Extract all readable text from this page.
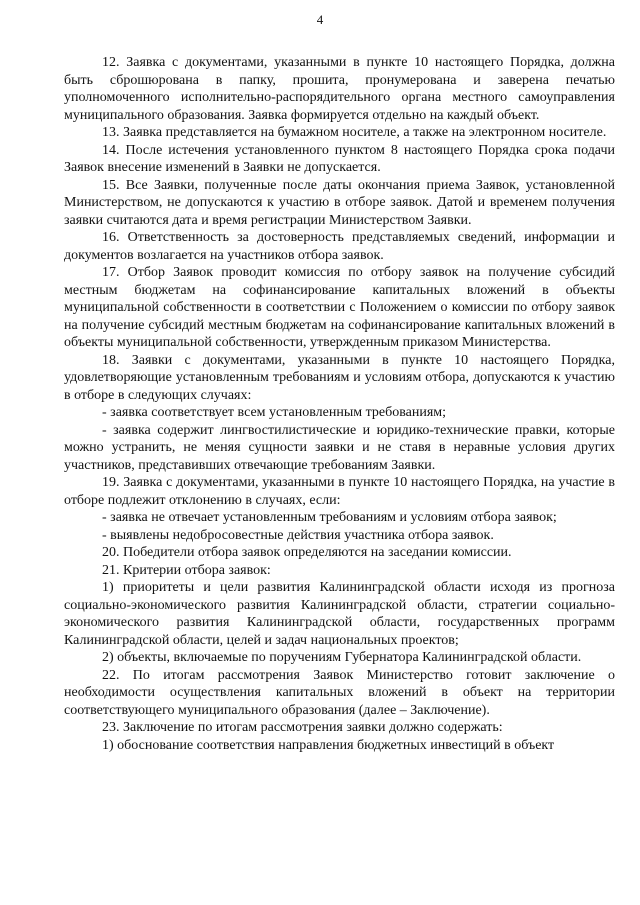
4

12. Заявка с документами, указанными в пункте 10 настоящего Порядка, должна быть сброшюрована в папку, прошита, пронумерована и заверена печатью уполномоченного исполнительно-распорядительного органа местного самоуправления муниципального образования. Заявка формируется отдельно на каждый объект.

13. Заявка представляется на бумажном носителе, а также на электронном носителе.

14. После истечения установленного пунктом 8 настоящего Порядка срока подачи Заявок внесение изменений в Заявки не допускается.

15. Все Заявки, полученные после даты окончания приема Заявок, установленной Министерством, не допускаются к участию в отборе заявок. Датой и временем получения заявки считаются дата и время регистрации Министерством Заявки.

16. Ответственность за достоверность представляемых сведений, информации и документов возлагается на участников отбора заявок.

17. Отбор Заявок проводит комиссия по отбору заявок на получение субсидий местным бюджетам на софинансирование капитальных вложений в объекты муниципальной собственности в соответствии с Положением о комиссии по отбору заявок на получение субсидий местным бюджетам на софинансирование капитальных вложений в объекты муниципальной собственности, утвержденным приказом Министерства.

18. Заявки с документами, указанными в пункте 10 настоящего Порядка, удовлетворяющие установленным требованиям и условиям отбора, допускаются к участию в отборе в следующих случаях:

- заявка соответствует всем установленным требованиям;

- заявка содержит лингвостилистические и юридико-технические правки, которые можно устранить, не меняя сущности заявки и не ставя в неравные условия других участников, представивших отвечающие требованиям Заявки.

19. Заявка с документами, указанными в пункте 10 настоящего Порядка, на участие в отборе подлежит отклонению в случаях, если:

- заявка не отвечает установленным требованиям и условиям отбора заявок;

- выявлены недобросовестные действия участника отбора заявок.

20. Победители отбора заявок определяются на заседании комиссии.

21. Критерии отбора заявок:

1) приоритеты и цели развития Калининградской области исходя из прогноза социально-экономического развития Калининградской области, стратегии социально-экономического развития Калининградской области, государственных программ Калининградской области, целей и задач национальных проектов;

2) объекты, включаемые по поручениям Губернатора Калининградской области.

22. По итогам рассмотрения Заявок Министерство готовит заключение о необходимости осуществления капитальных вложений в объект на территории соответствующего муниципального образования (далее – Заключение).

23. Заключение по итогам рассмотрения заявки должно содержать:

1) обоснование соответствия направления бюджетных инвестиций в объект
